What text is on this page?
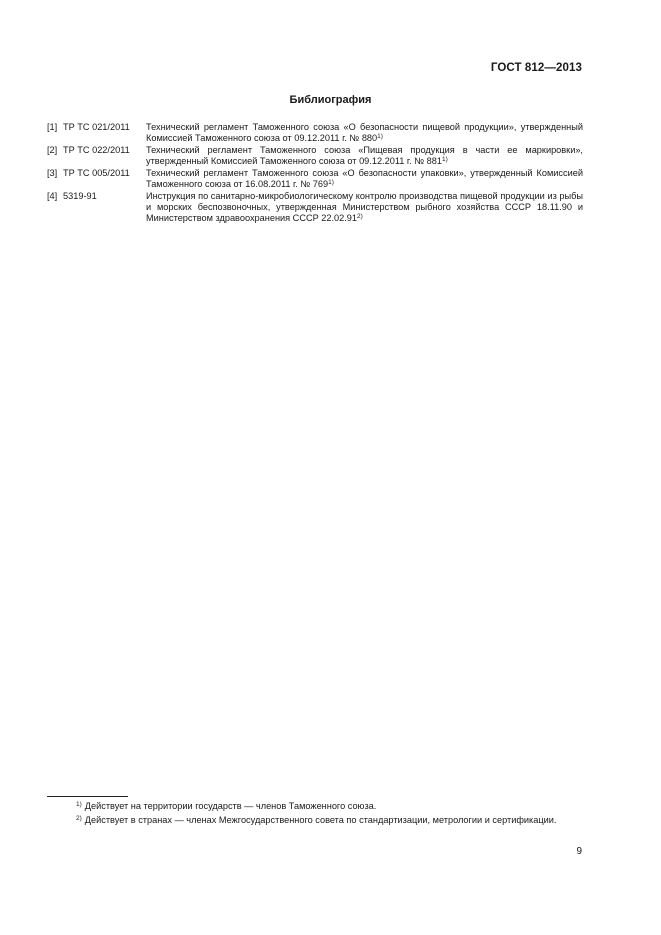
ГОСТ 812—2013
Библиография
[1] ТР ТС 021/2011	Технический регламент Таможенного союза «О безопасности пищевой продукции», утвержденный Комиссией Таможенного союза от 09.12.2011 г. № 880$^{1)}$
[2] ТР ТС 022/2011	Технический регламент Таможенного союза «Пищевая продукция в части ее маркировки», утвержденный Комиссией Таможенного союза от 09.12.2011 г. № 881$^{1)}$
[3] ТР ТС 005/2011	Технический регламент Таможенного союза «О безопасности упаковки», утвержденный Комиссией Таможенного союза от 16.08.2011 г. № 769$^{1)}$
[4] 5319-91	Инструкция по санитарно-микробиологическому контролю производства пищевой продукции из рыбы и морских беспозвоночных, утвержденная Министерством рыбного хозяйства СССР 18.11.90 и Министерством здравоохранения СССР 22.02.91$^{2)}$
$^{1)}$ Действует на территории государств — членов Таможенного союза.
$^{2)}$ Действует в странах — членах Межгосударственного совета по стандартизации, метрологии и сертификации.
9
